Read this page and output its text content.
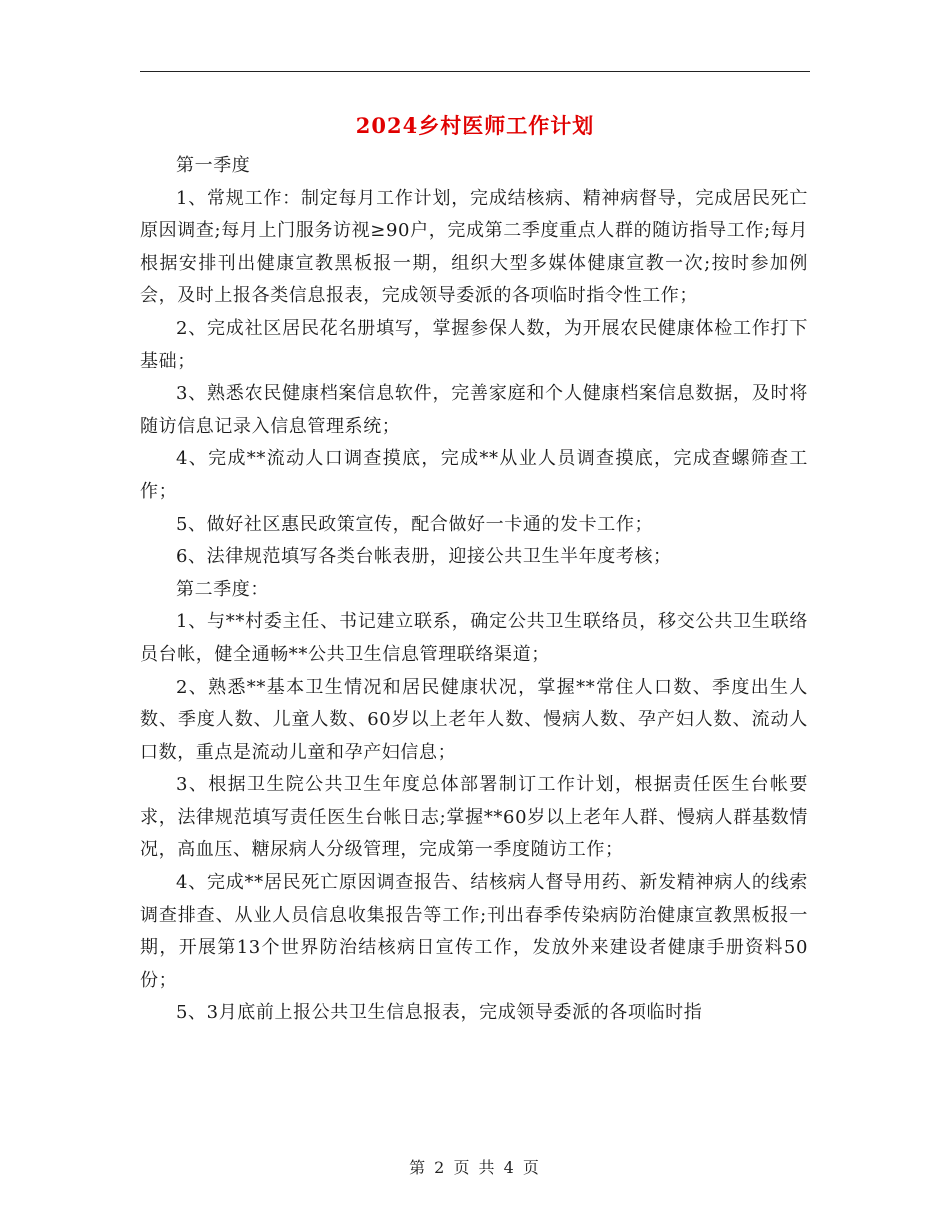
2024乡村医师工作计划

第一季度

1、常规工作：制定每月工作计划，完成结核病、精神病督导，完成居民死亡原因调查;每月上门服务访视≥90户，完成第二季度重点人群的随访指导工作;每月根据安排刊出健康宣教黑板报一期，组织大型多媒体健康宣教一次;按时参加例会，及时上报各类信息报表，完成领导委派的各项临时指令性工作；

2、完成社区居民花名册填写，掌握参保人数，为开展农民健康体检工作打下基础；

3、熟悉农民健康档案信息软件，完善家庭和个人健康档案信息数据，及时将随访信息记录入信息管理系统；

4、完成**流动人口调查摸底，完成**从业人员调查摸底，完成查螺筛查工作；

5、做好社区惠民政策宣传，配合做好一卡通的发卡工作；

6、法律规范填写各类台帐表册，迎接公共卫生半年度考核；

第二季度：

1、与**村委主任、书记建立联系，确定公共卫生联络员，移交公共卫生联络员台帐，健全通畅**公共卫生信息管理联络渠道；

2、熟悉**基本卫生情况和居民健康状况，掌握**常住人口数、季度出生人数、季度人数、儿童人数、60岁以上老年人数、慢病人数、孕产妇人数、流动人口数，重点是流动儿童和孕产妇信息；

3、根据卫生院公共卫生年度总体部署制订工作计划，根据责任医生台帐要求，法律规范填写责任医生台帐日志;掌握**60岁以上老年人群、慢病人群基数情况，高血压、糖尿病人分级管理，完成第一季度随访工作；

4、完成**居民死亡原因调查报告、结核病人督导用药、新发精神病人的线索调查排查、从业人员信息收集报告等工作;刊出春季传染病防治健康宣教黑板报一期，开展第13个世界防治结核病日宣传工作，发放外来建设者健康手册资料50份；

5、3月底前上报公共卫生信息报表，完成领导委派的各项临时指

第 2 页 共 4 页
